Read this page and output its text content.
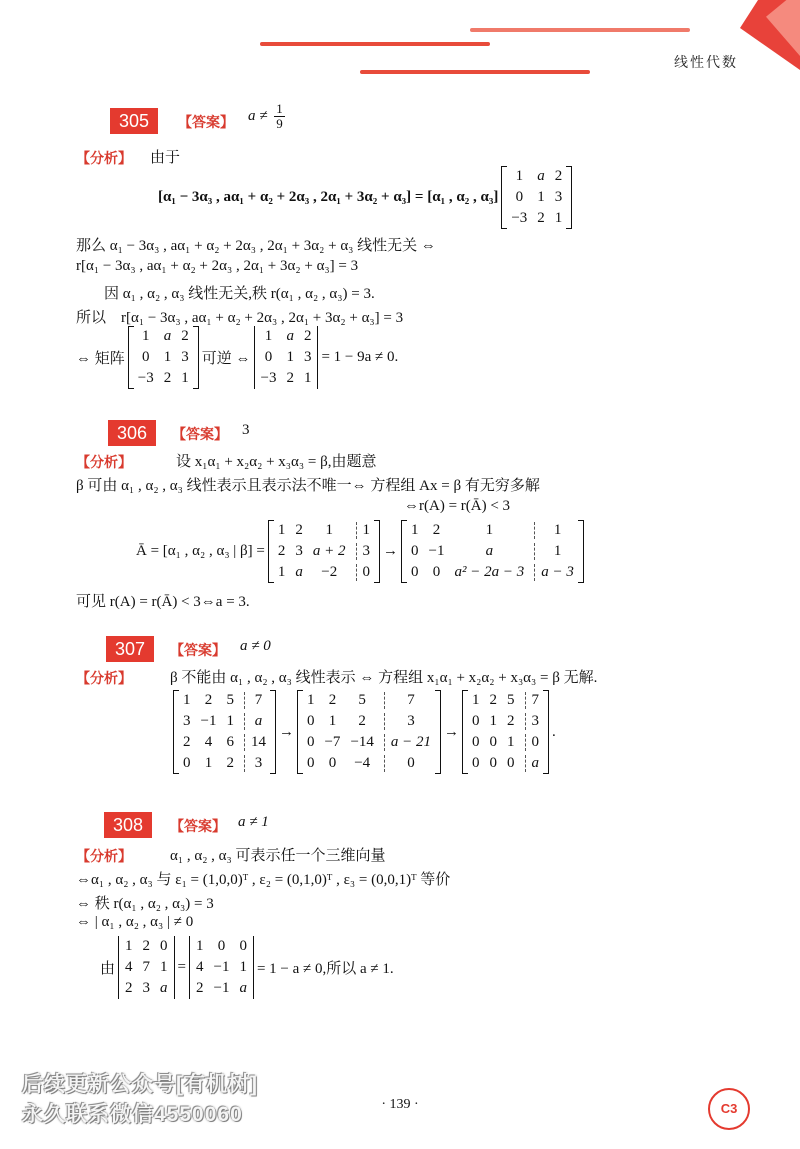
线性代数
305	【答案】 $a \ne \frac{1}{9}$
【分析】 由于
[α₁ − 3α₃ , aα₁ + α₂ + 2α₃ , 2α₁ + 3α₂ + α₃] = [α₁ , α₂ , α₃]
1 a 2
0 1 3
−3 2 1
那么 α₁ − 3α₃ , aα₁ + α₂ + 2α₃ , 2α₁ + 3α₂ + α₃ 线性无关 ⇔
r[α₁ − 3α₃ , aα₁ + α₂ + 2α₃ , 2α₁ + 3α₂ + α₃] = 3
因 α₁ , α₂ , α₃ 线性无关,秩 r(α₁ , α₂ , α₃) = 3.
所以　r[α₁ − 3α₃ , aα₁ + α₂ + 2α₃ , 2α₁ + 3α₂ + α₃] = 3
⇔ 矩阵
1 a 2
0 1 3
−3 2 1
可逆 ⇔
1 a 2
0 1 3
−3 2 1
= 1 − 9a ≠ 0.
306	【答案】 3
【分析】	设 x₁α₁ + x₂α₂ + x₃α₃ = β,由题意
β 可由 α₁ , α₂ , α₃ 线性表示且表示法不唯一⇔ 方程组 Ax = β 有无穷多解
⇔r(A) = r(Ā) < 3
Ā = [α₁ , α₂ , α₃ | β] =
1 2	1	1
2 3 a + 2	3
1 a	−2	0
→
1 2	1	1
0 −1	a	1
0 0 a² − 2a − 3	a − 3
可见 r(A) = r(Ā) < 3⇔a = 3.
307	【答案】 a ≠ 0
【分析】	β 不能由 α₁ , α₂ , α₃ 线性表示 ⇔ 方程组 x₁α₁ + x₂α₂ + x₃α₃ = β 无解.
1 2 5	7
3 −1 1	a
2 4 6	14
0 1 2	3
→
1 2	5	7
0 1	2	3
0 −7 −14	a − 21
0 0 −4	0
→
1 2 5	7
0 1 2	3
0 0 1	0
0 0 0	a
.
308	【答案】 a ≠ 1
【分析】	α₁ , α₂ , α₃ 可表示任一个三维向量
⇔α₁ , α₂ , α₃ 与 ε₁ = (1,0,0)ᵀ , ε₂ = (0,1,0)ᵀ , ε₃ = (0,0,1)ᵀ 等价
⇔ 秩 r(α₁ , α₂ , α₃) = 3
⇔ | α₁ , α₂ , α₃ | ≠ 0
由
1 2 0
4 7 1
2 3 a
=
1 0 0
4 −1 1
2 −1 a
= 1 − a ≠ 0,所以 a ≠ 1.
后续更新公众号[有机树]
永久联系微信4550060	· 139 ·	C3
